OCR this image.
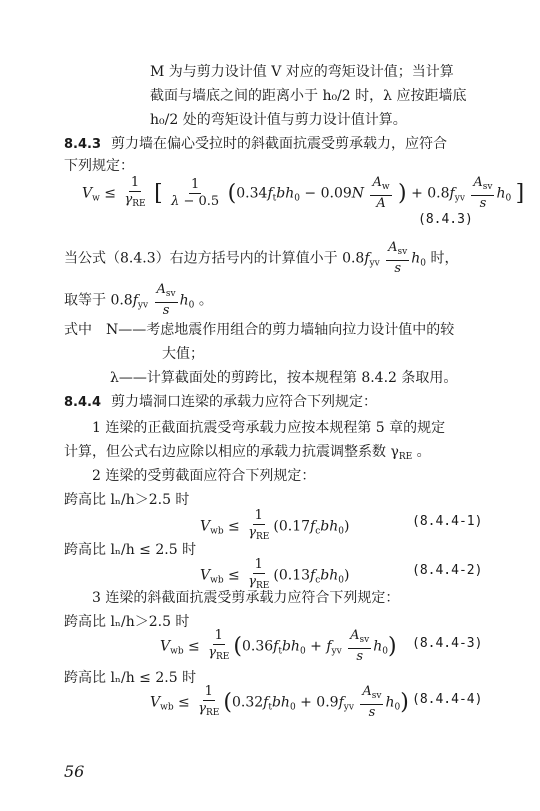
M 为与剪力设计值 V 对应的弯矩设计值；当计算
截面与墙底之间的距离小于 h₀/2 时，λ 应按距墙底
h₀/2 处的弯矩设计值与剪力设计值计算。
8.4.3 剪力墙在偏心受拉时的斜截面抗震受剪承载力，应符合
下列规定：
$V_w \le \frac{1}{\gamma_{RE}}$ [ $\frac{1}{\lambda - 0.5} (0.34f_tbh_0 - 0.09N \frac{A_w}{A}$ ) + $0.8f_{yv} \frac{A_{sv}}{s} h_0$ ]
(8.4.3)
当公式（8.4.3）右边方括号内的计算值小于 $0.8f_{yv} \frac{A_{sv}}{s} h_0$ 时，
取等于 $0.8f_{yv} \frac{A_{sv}}{s} h_0$ 。
式中 N——考虑地震作用组合的剪力墙轴向拉力设计值中的较
大值；
λ——计算截面处的剪跨比，按本规程第 8.4.2 条取用。
8.4.4 剪力墙洞口连梁的承载力应符合下列规定：
1 连梁的正截面抗震受弯承载力应按本规程第 5 章的规定
计算，但公式右边应除以相应的承载力抗震调整系数 $\gamma_{RE}$ 。
2 连梁的受剪截面应符合下列规定：
跨高比 lₙ/h＞2.5 时
$V_{wb} \le \frac{1}{\gamma_{RE}} (0.17f_cbh_0)$	(8.4.4-1)
跨高比 lₙ/h ≤ 2.5 时
$V_{wb} \le \frac{1}{\gamma_{RE}} (0.13f_cbh_0)$	(8.4.4-2)
3 连梁的斜截面抗震受剪承载力应符合下列规定：
跨高比 lₙ/h＞2.5 时
$V_{wb} \le \frac{1}{\gamma_{RE}} (0.36f_tbh_0 + f_{yv} \frac{A_{sv}}{s} h_0)$ (8.4.4-3)
跨高比 lₙ/h ≤ 2.5 时
$V_{wb} \le \frac{1}{\gamma_{RE}} (0.32f_tbh_0 + 0.9f_{yv} \frac{A_{sv}}{s} h_0)$ (8.4.4-4)
56
